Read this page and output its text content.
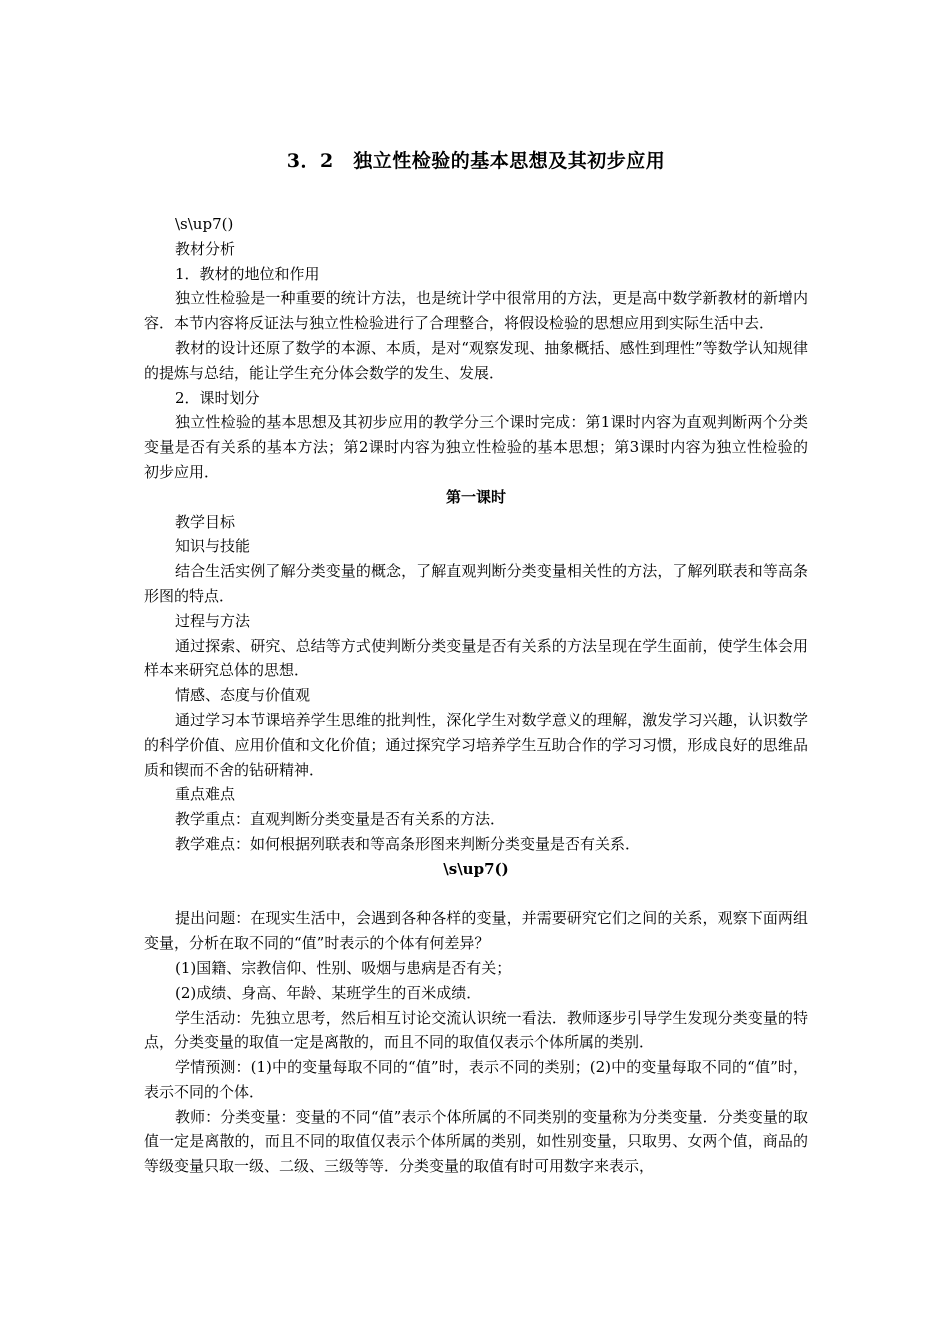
3．2　独立性检验的基本思想及其初步应用

\s\up7()

教材分析

1．教材的地位和作用

独立性检验是一种重要的统计方法，也是统计学中很常用的方法，更是高中数学新教材的新增内容．本节内容将反证法与独立性检验进行了合理整合，将假设检验的思想应用到实际生活中去．

教材的设计还原了数学的本源、本质，是对“观察发现、抽象概括、感性到理性”等数学认知规律的提炼与总结，能让学生充分体会数学的发生、发展．

2．课时划分

独立性检验的基本思想及其初步应用的教学分三个课时完成：第1课时内容为直观判断两个分类变量是否有关系的基本方法；第2课时内容为独立性检验的基本思想；第3课时内容为独立性检验的初步应用．

第一课时

教学目标

知识与技能

结合生活实例了解分类变量的概念，了解直观判断分类变量相关性的方法，了解列联表和等高条形图的特点．

过程与方法

通过探索、研究、总结等方式使判断分类变量是否有关系的方法呈现在学生面前，使学生体会用样本来研究总体的思想．

情感、态度与价值观

通过学习本节课培养学生思维的批判性，深化学生对数学意义的理解，激发学习兴趣，认识数学的科学价值、应用价值和文化价值；通过探究学习培养学生互助合作的学习习惯，形成良好的思维品质和锲而不舍的钻研精神．

重点难点

教学重点：直观判断分类变量是否有关系的方法．

教学难点：如何根据列联表和等高条形图来判断分类变量是否有关系．

\s\up7()

提出问题：在现实生活中，会遇到各种各样的变量，并需要研究它们之间的关系，观察下面两组变量，分析在取不同的“值”时表示的个体有何差异？

(1)国籍、宗教信仰、性别、吸烟与患病是否有关；

(2)成绩、身高、年龄、某班学生的百米成绩．

学生活动：先独立思考，然后相互讨论交流认识统一看法．教师逐步引导学生发现分类变量的特点，分类变量的取值一定是离散的，而且不同的取值仅表示个体所属的类别．

学情预测：(1)中的变量每取不同的“值”时，表示不同的类别；(2)中的变量每取不同的“值”时，表示不同的个体．

教师：分类变量：变量的不同“值”表示个体所属的不同类别的变量称为分类变量．分类变量的取值一定是离散的，而且不同的取值仅表示个体所属的类别，如性别变量，只取男、女两个值，商品的等级变量只取一级、二级、三级等等．分类变量的取值有时可用数字来表示，
